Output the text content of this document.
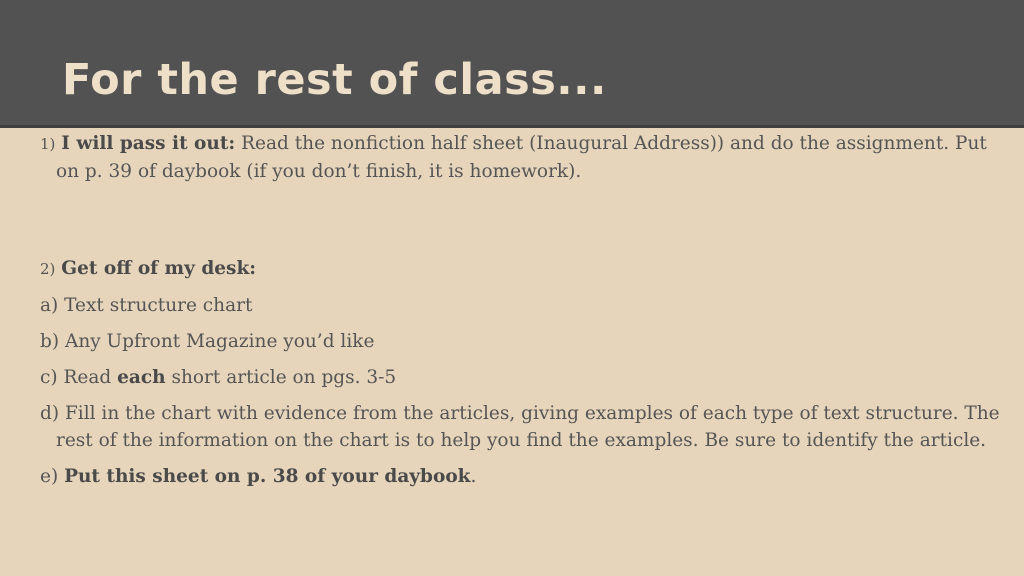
For the rest of class...

1) I will pass it out: Read the nonfiction half sheet (Inaugural Address)) and do the assignment. Put on p. 39 of daybook (if you don’t finish, it is homework).

2) Get off of my desk:

a) Text structure chart

b) Any Upfront Magazine you’d like

c) Read each short article on pgs. 3-5

d) Fill in the chart with evidence from the articles, giving examples of each type of text structure. The rest of the information on the chart is to help you find the examples. Be sure to identify the article.

e) Put this sheet on p. 38 of your daybook.
